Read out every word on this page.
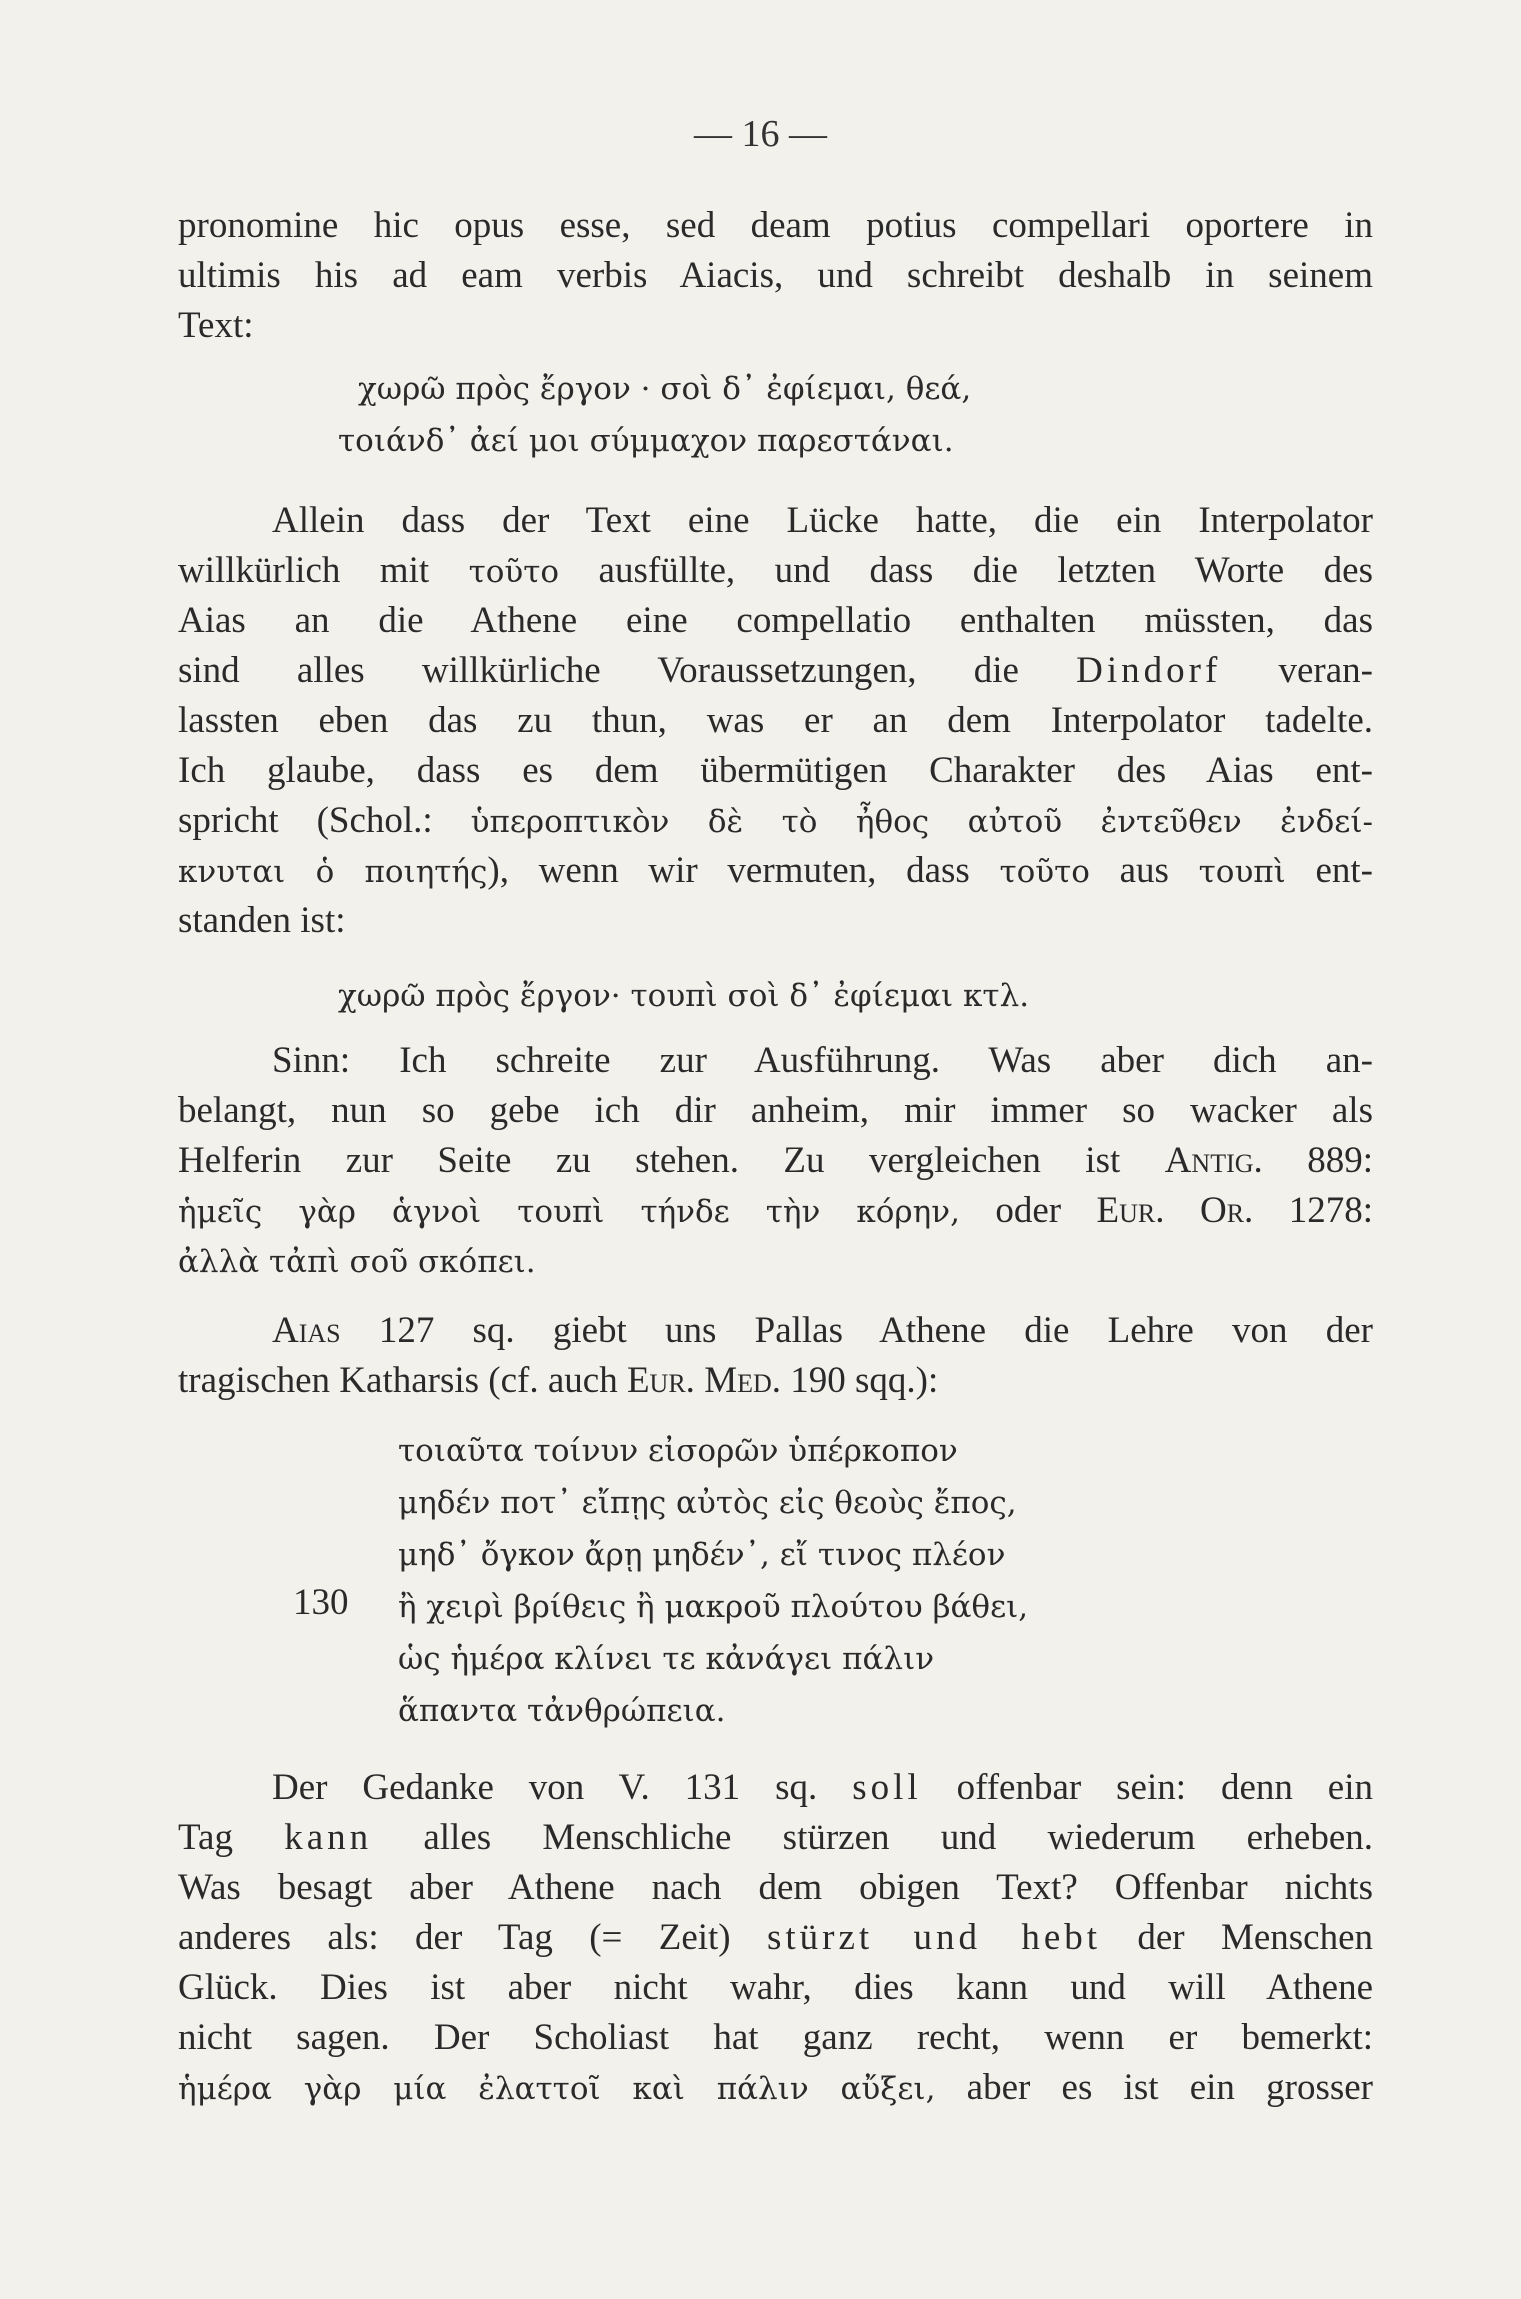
— 16 —

pronomine hic opus esse, sed deam potius compellari oportere in

ultimis his ad eam verbis Aiacis, und schreibt deshalb in seinem

Text:

χωρῶ πρὸς ἔργον · σοὶ δ᾽ ἐφίεμαι, θεά,

τοιάνδ᾽ ἀεί μοι σύμμαχον παρεστάναι.

Allein dass der Text eine Lücke hatte, die ein Interpolator

willkürlich mit τοῦτο ausfüllte, und dass die letzten Worte des

Aias an die Athene eine compellatio enthalten müssten, das

sind alles willkürliche Voraussetzungen, die Dindorf veran-

lassten eben das zu thun, was er an dem Interpolator tadelte.

Ich glaube, dass es dem übermütigen Charakter des Aias ent-

spricht (Schol.: ὑπεροπτικὸν δὲ τὸ ἦθος αὐτοῦ ἐντεῦθεν ἐνδεί-

κνυται ὁ ποιητής), wenn wir vermuten, dass τοῦτο aus τουπὶ ent-

standen ist:

χωρῶ πρὸς ἔργον· τουπὶ σοὶ δ᾽ ἐφίεμαι κτλ.

Sinn: Ich schreite zur Ausführung. Was aber dich an-

belangt, nun so gebe ich dir anheim, mir immer so wacker als

Helferin zur Seite zu stehen. Zu vergleichen ist Antig. 889:

ἡμεῖς γὰρ ἁγνοὶ τουπὶ τήνδε τὴν κόρην, oder Eur. Or. 1278:

ἀλλὰ τἀπὶ σοῦ σκόπει.

Aias 127 sq. giebt uns Pallas Athene die Lehre von der

tragischen Katharsis (cf. auch Eur. Med. 190 sqq.):

τοιαῦτα τοίνυν εἰσορῶν ὑπέρκοπον

μηδέν ποτ᾽ εἴπῃς αὐτὸς εἰς θεοὺς ἔπος,

μηδ᾽ ὄγκον ἄρῃ μηδέν᾽, εἴ τινος πλέον

130 ἢ χειρὶ βρίθεις ἢ μακροῦ πλούτου βάθει,

ὡς ἡμέρα κλίνει τε κἀνάγει πάλιν

ἅπαντα τἀνθρώπεια.

Der Gedanke von V. 131 sq. soll offenbar sein: denn ein

Tag kann alles Menschliche stürzen und wiederum erheben.

Was besagt aber Athene nach dem obigen Text? Offenbar nichts

anderes als: der Tag (= Zeit) stürzt und hebt der Menschen

Glück. Dies ist aber nicht wahr, dies kann und will Athene

nicht sagen. Der Scholiast hat ganz recht, wenn er bemerkt:

ἡμέρα γὰρ μία ἐλαττοῖ καὶ πάλιν αὔξει, aber es ist ein grosser
